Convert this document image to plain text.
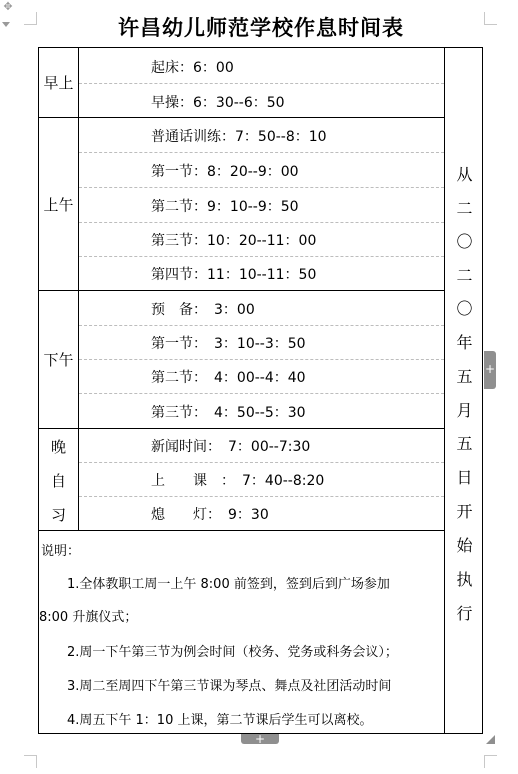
✥
许昌幼儿师范学校作息时间表
早上
上午
下午
晚
自
习
起床：6：00
早操：6：30--6：50
普通话训练：7：50--8：10
第一节：8：20--9：00
第二节：9：10--9：50
第三节：10：20--11：00
第四节：11：10--11：50
预　备：　3：00
第一节：　3：10--3：50
第二节：　4：00--4：40
第三节：　4：50--5：30
新闻时间：　7：00--7:30
上　　课　：　7：40--8:20
熄　　灯：　9：30
从
二
〇
二
〇
年
五
月
五
日
开
始
执
行
说明：
1.全体教职工周一上午 8:00 前签到，签到后到广场参加
8:00 升旗仪式；
2.周一下午第三节为例会时间（校务、党务或科务会议）；
3.周二至周四下午第三节课为琴点、舞点及社团活动时间
4.周五下午 1：10 上课，第二节课后学生可以离校。
+
+
